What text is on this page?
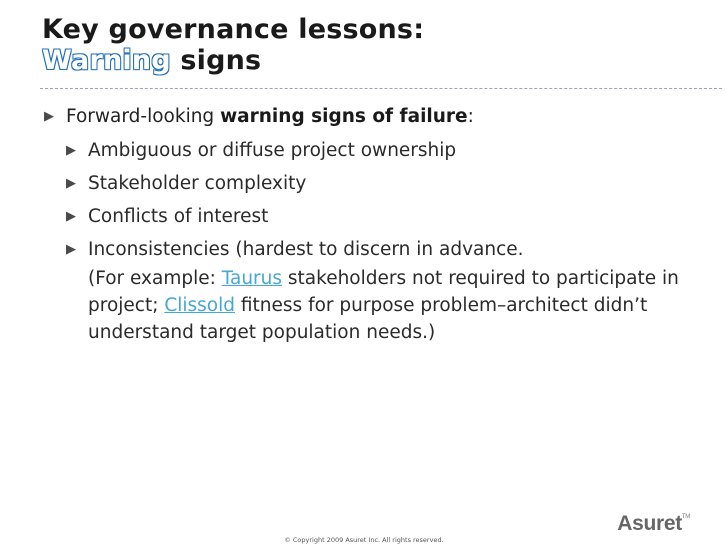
Key governance lessons:
Warning signs
▶ Forward-looking warning signs of failure:
▶ Ambiguous or diffuse project ownership
▶ Stakeholder complexity
▶ Conflicts of interest
▶ Inconsistencies (hardest to discern in advance.
(For example: Taurus stakeholders not required to participate in project; Clissold fitness for purpose problem–architect didn’t understand target population needs.)
© Copyright 2009 Asuret Inc. All rights reserved.
Asuret™
